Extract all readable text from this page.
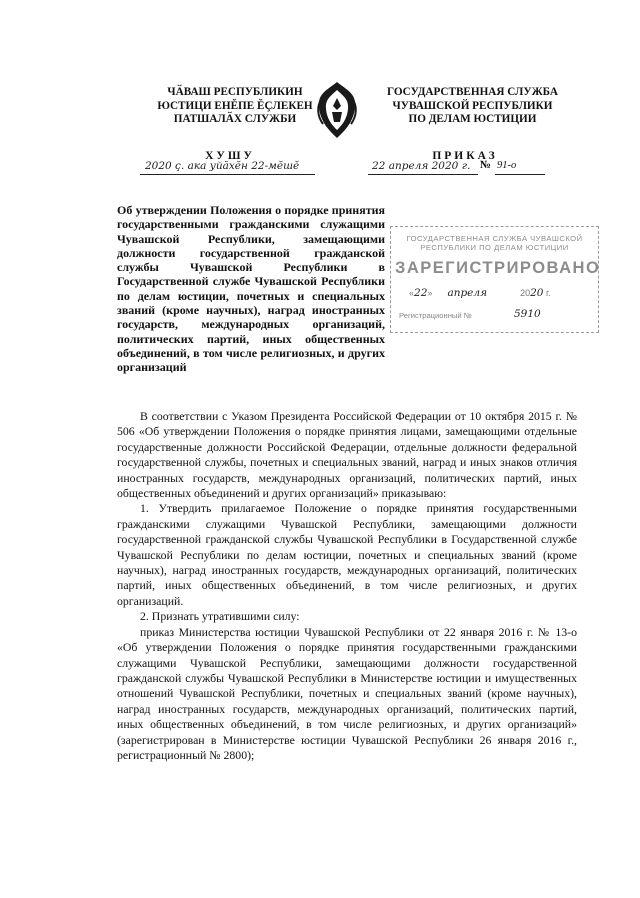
ЧӐВАШ РЕСПУБЛИКИН
ЮСТИЦИ ЕНĔПЕ ĔҪЛЕКЕН
ПАТШАЛӐХ СЛУЖБИ
ГОСУДАРСТВЕННАЯ СЛУЖБА
ЧУВАШСКОЙ РЕСПУБЛИКИ
ПО ДЕЛАМ ЮСТИЦИИ
ХУШУ	ПРИКАЗ
2020 ҫ. ака уйӑхӗн 22-мӗшӗ	22 апреля 2020 г. № 91-о
Об утверждении Положения о порядке принятия государственными гражданскими служащими Чувашской Республики, замещающими должности государственной гражданской службы Чувашской Республики в Государственной службе Чувашской Республики по делам юстиции, почетных и специальных званий (кроме научных), наград иностранных государств, международных организаций, политических партий, иных общественных объединений, в том числе религиозных, и других организаций
ГОСУДАРСТВЕННАЯ СЛУЖБА ЧУВАШСКОЙ
РЕСПУБЛИКИ ПО ДЕЛАМ ЮСТИЦИИ
ЗАРЕГИСТРИРОВАНО
«22» апреля	2020 г.
Регистрационный №	5910

В соответствии с Указом Президента Российской Федерации от 10 октября 2015 г. № 506 «Об утверждении Положения о порядке принятия лицами, замещающими отдельные государственные должности Российской Федерации, отдельные должности федеральной государственной службы, почетных и специальных званий, наград и иных знаков отличия иностранных государств, международных организаций, политических партий, иных общественных объединений и других организаций» приказываю:

1. Утвердить прилагаемое Положение о порядке принятия государственными гражданскими служащими Чувашской Республики, замещающими должности государственной гражданской службы Чувашской Республики в Государственной службе Чувашской Республики по делам юстиции, почетных и специальных званий (кроме научных), наград иностранных государств, международных организаций, политических партий, иных общественных объединений, в том числе религиозных, и других организаций.

2. Признать утратившими силу:

приказ Министерства юстиции Чувашской Республики от 22 января 2016 г. № 13-о «Об утверждении Положения о порядке принятия государственными гражданскими служащими Чувашской Республики, замещающими должности государственной гражданской службы Чувашской Республики в Министерстве юстиции и имущественных отношений Чувашской Республики, почетных и специальных званий (кроме научных), наград иностранных государств, международных организаций, политических партий, иных общественных объединений, в том числе религиозных, и других организаций» (зарегистрирован в Министерстве юстиции Чувашской Республики 26 января 2016 г., регистрационный № 2800);
